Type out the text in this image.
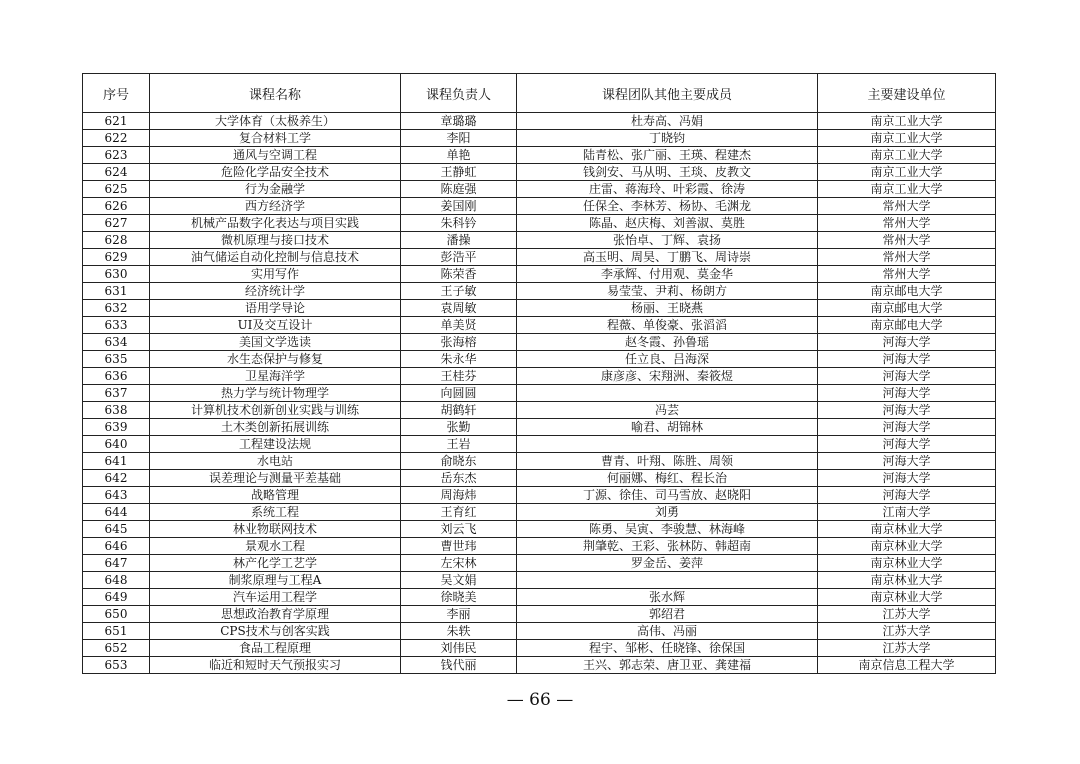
序号	课程名称	课程负责人	课程团队其他主要成员	主要建设单位
621	大学体育（太极养生）	章璐璐	杜寿高、冯娟	南京工业大学
622	复合材料工学	李阳	丁晓钧	南京工业大学
623	通风与空调工程	单艳	陆青松、张广丽、王瑛、程建杰	南京工业大学
624	危险化学品安全技术	王静虹	钱剑安、马从明、王琰、皮教文	南京工业大学
625	行为金融学	陈庭强	庄雷、蒋海玲、叶彩霞、徐涛	南京工业大学
626	西方经济学	姜国刚	任保全、李林芳、杨协、毛渊龙	常州大学
627	机械产品数字化表达与项目实践	朱科钤	陈晶、赵庆梅、刘善淑、莫胜	常州大学
628	微机原理与接口技术	潘操	张怡卓、丁辉、袁扬	常州大学
629	油气储运自动化控制与信息技术	彭浩平	高玉明、周昊、丁鹏飞、周诗崇	常州大学
630	实用写作	陈荣香	李承辉、付用观、莫金华	常州大学
631	经济统计学	王子敏	易莹莹、尹莉、杨朗方	南京邮电大学
632	语用学导论	袁周敏	杨丽、王晓燕	南京邮电大学
633	UI及交互设计	单美贤	程薇、单俊豪、张滔滔	南京邮电大学
634	美国文学选读	张海榕	赵冬霞、孙鲁瑶	河海大学
635	水生态保护与修复	朱永华	任立良、吕海深	河海大学
636	卫星海洋学	王桂芬	康彦彦、宋翔洲、秦筱煜	河海大学
637	热力学与统计物理学	向圆圆		河海大学
638	计算机技术创新创业实践与训练	胡鹤轩	冯芸	河海大学
639	土木类创新拓展训练	张勤	喻君、胡锦林	河海大学
640	工程建设法规	王岩		河海大学
641	水电站	俞晓东	曹青、叶翔、陈胜、周领	河海大学
642	误差理论与测量平差基础	岳东杰	何丽娜、梅红、程长治	河海大学
643	战略管理	周海炜	丁源、徐佳、司马雪放、赵晓阳	河海大学
644	系统工程	王育红	刘勇	江南大学
645	林业物联网技术	刘云飞	陈勇、吴寅、李骏慧、林海峰	南京林业大学
646	景观水工程	曹世玮	荆肇乾、王彩、张林防、韩超南	南京林业大学
647	林产化学工艺学	左宋林	罗金岳、姜萍	南京林业大学
648	制浆原理与工程A	吴文娟		南京林业大学
649	汽车运用工程学	徐晓美	张水辉	南京林业大学
650	思想政治教育学原理	李丽	郭绍君	江苏大学
651	CPS技术与创客实践	朱轶	高伟、冯丽	江苏大学
652	食品工程原理	刘伟民	程宇、邹彬、任晓锋、徐保国	江苏大学
653	临近和短时天气预报实习	钱代丽	王兴、郭志荣、唐卫亚、龚建福	南京信息工程大学
— 66 —
